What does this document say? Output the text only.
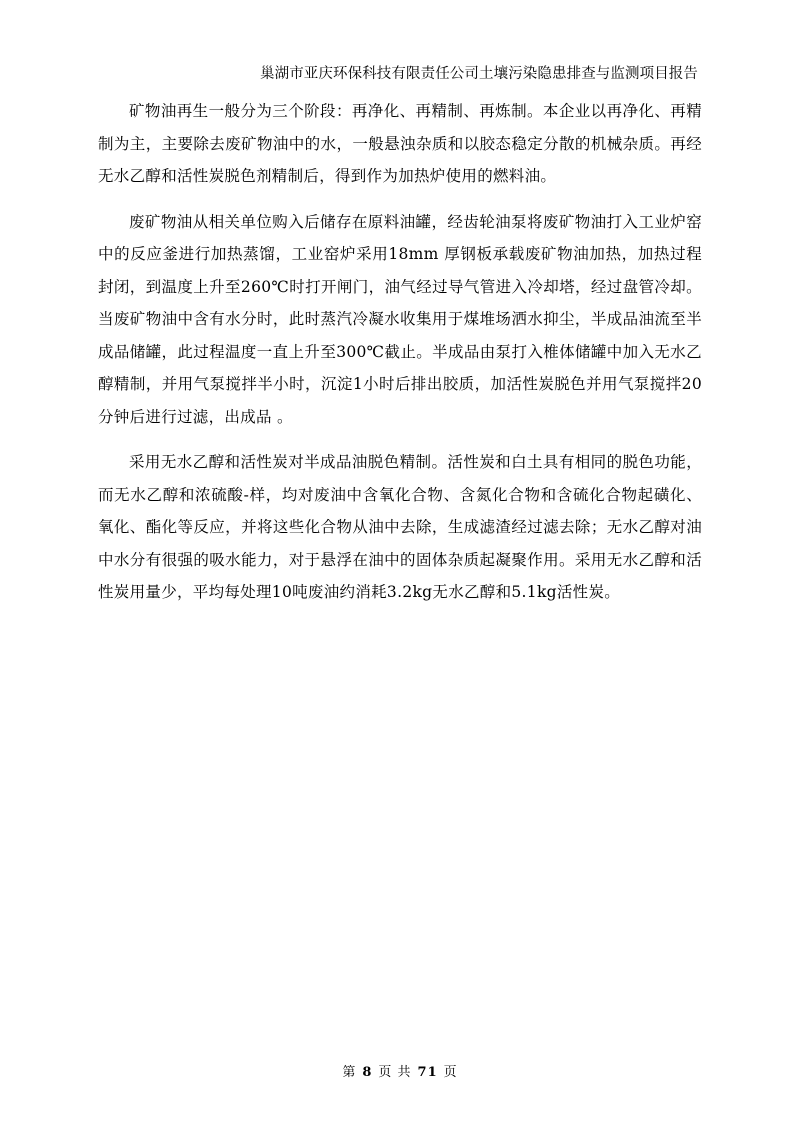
巢湖市亚庆环保科技有限责任公司土壤污染隐患排查与监测项目报告

矿物油再生一般分为三个阶段：再净化、再精制、再炼制。本企业以再净化、再精制为主，主要除去废矿物油中的水，一般悬浊杂质和以胶态稳定分散的机械杂质。再经无水乙醇和活性炭脱色剂精制后，得到作为加热炉使用的燃料油。

废矿物油从相关单位购入后储存在原料油罐，经齿轮油泵将废矿物油打入工业炉窑中的反应釜进行加热蒸馏，工业窑炉采用18mm 厚钢板承载废矿物油加热，加热过程封闭，到温度上升至260℃时打开闸门，油气经过导气管进入冷却塔，经过盘管冷却。当废矿物油中含有水分时，此时蒸汽冷凝水收集用于煤堆场洒水抑尘，半成品油流至半成品储罐，此过程温度一直上升至300℃截止。半成品由泵打入椎体储罐中加入无水乙醇精制，并用气泵搅拌半小时，沉淀1小时后排出胶质，加活性炭脱色并用气泵搅拌20分钟后进行过滤，出成品 。

采用无水乙醇和活性炭对半成品油脱色精制。活性炭和白土具有相同的脱色功能，而无水乙醇和浓硫酸-样，均对废油中含氧化合物、含氮化合物和含硫化合物起磺化、氧化、酯化等反应，并将这些化合物从油中去除，生成滤渣经过滤去除；无水乙醇对油中水分有很强的吸水能力，对于悬浮在油中的固体杂质起凝聚作用。采用无水乙醇和活性炭用量少，平均每处理10吨废油约消耗3.2kg无水乙醇和5.1kg活性炭。

第 8 页 共 71 页
